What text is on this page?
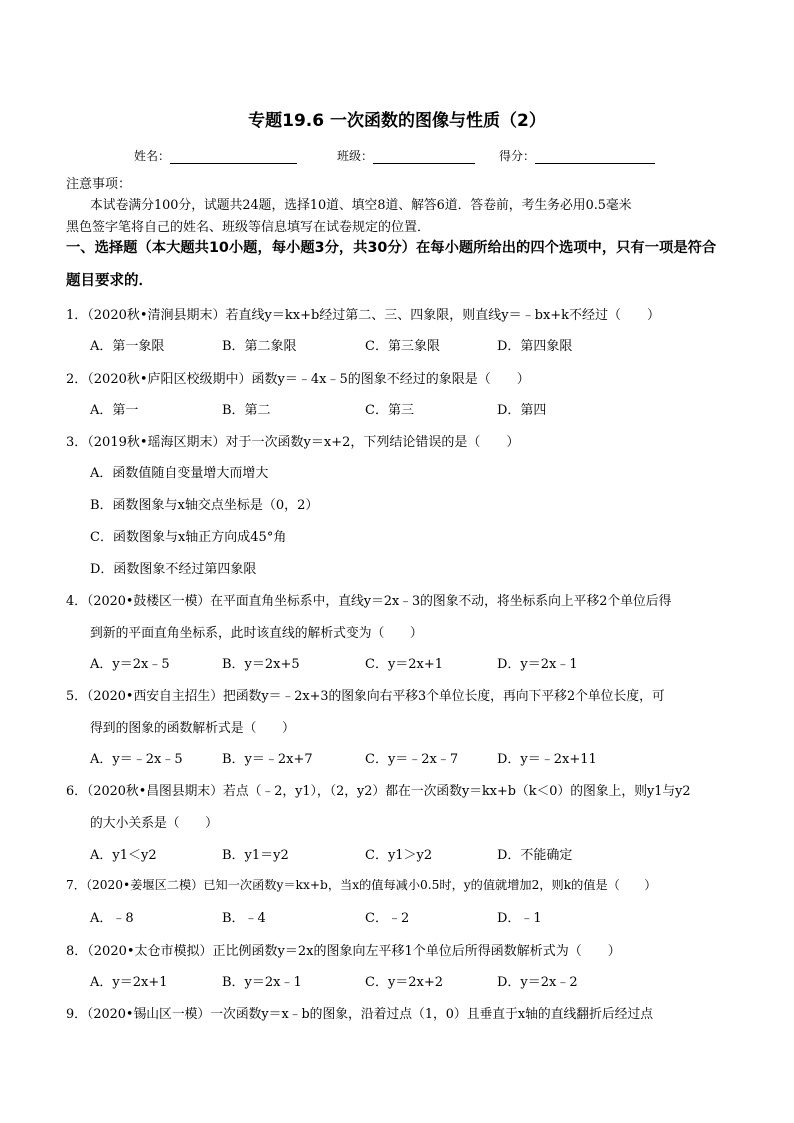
专题19.6 一次函数的图像与性质（2）
姓名：	班级：	得分：
注意事项：
本试卷满分100分，试题共24题，选择10道、填空8道、解答6道．答卷前，考生务必用0.5毫米
黑色签字笔将自己的姓名、班级等信息填写在试卷规定的位置．
一、选择题（本大题共10小题，每小题3分，共30分）在每小题所给出的四个选项中，只有一项是符合
题目要求的．
1．（2020秋•清涧县期末）若直线y＝kx+b经过第二、三、四象限，则直线y＝﹣bx+k不经过（　　）
A．第一象限	B．第二象限	C．第三象限	D．第四象限
2．（2020秋•庐阳区校级期中）函数y＝﹣4x﹣5的图象不经过的象限是（　　）
A．第一	B．第二	C．第三	D．第四
3．（2019秋•瑶海区期末）对于一次函数y＝x+2，下列结论错误的是（　　）
A．函数值随自变量增大而增大
B．函数图象与x轴交点坐标是（0，2）
C．函数图象与x轴正方向成45°角
D．函数图象不经过第四象限
4．（2020•鼓楼区一模）在平面直角坐标系中，直线y＝2x﹣3的图象不动，将坐标系向上平移2个单位后得
到新的平面直角坐标系，此时该直线的解析式变为（　　）
A．y＝2x﹣5	B．y＝2x+5	C．y＝2x+1	D．y＝2x﹣1
5．（2020•西安自主招生）把函数y＝﹣2x+3的图象向右平移3个单位长度，再向下平移2个单位长度，可
得到的图象的函数解析式是（　　）
A．y＝﹣2x﹣5	B．y＝﹣2x+7	C．y＝﹣2x﹣7	D．y＝﹣2x+11
6．（2020秋•昌图县期末）若点（﹣2，y1），（2，y2）都在一次函数y＝kx+b（k＜0）的图象上，则y1与y2
的大小关系是（　　）
A．y1＜y2	B．y1＝y2	C．y1＞y2	D．不能确定
7．（2020•姜堰区二模）已知一次函数y＝kx+b，当x的值每减小0.5时，y的值就增加2，则k的值是（　　）
A．﹣8	B．﹣4	C．﹣2	D．﹣1
8．（2020•太仓市模拟）正比例函数y＝2x的图象向左平移1个单位后所得函数解析式为（　　）
A．y＝2x+1	B．y＝2x﹣1	C．y＝2x+2	D．y＝2x﹣2
9．（2020•锡山区一模）一次函数y＝x﹣b的图象，沿着过点（1，0）且垂直于x轴的直线翻折后经过点
